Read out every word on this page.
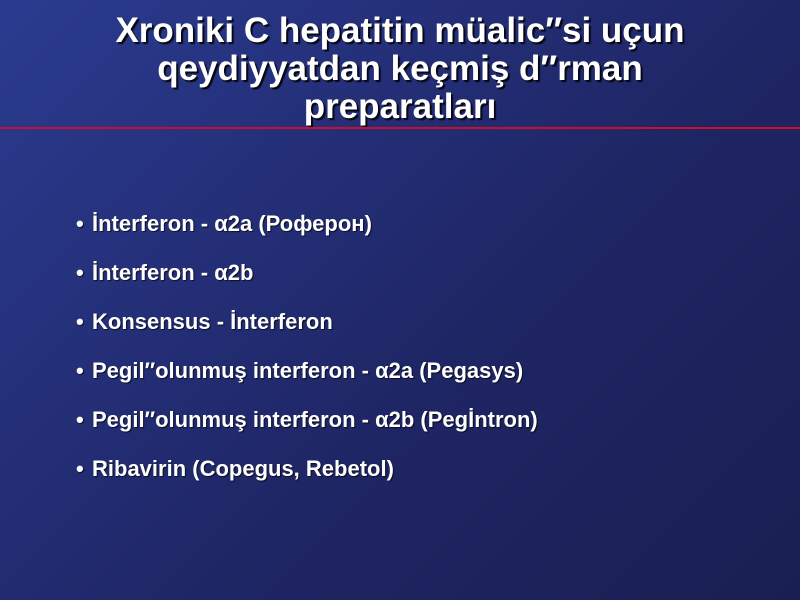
Xroniki C hepatitin müalic″si uçun
qeydiyyatdan keçmiş d″rman
preparatları
• İnterferon - α2a (Роферон)
• İnterferon - α2b
• Konsensus - İnterferon
• Pegil″olunmuş interferon - α2a (Pegasys)
• Pegil″olunmuş interferon - α2b (Pegİntron)
• Ribavirin (Copegus, Rebetol)
